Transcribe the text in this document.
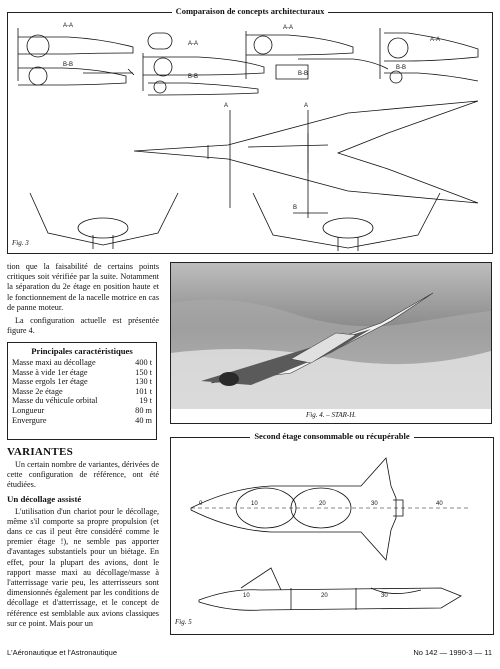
Comparaison de concepts architecturaux
A-A
B-B
A-A
B-B
A-A
B-B
A-A
B-B
A	A
B
Fig. 3

tion que la faisabilité de certains points critiques soit vérifiée par la suite. Notamment la séparation du 2e étage en position haute et le fonctionnement de la nacelle motrice en cas de panne moteur.

La configuration actuelle est présentée figure 4.

Principales caractéristiques
Masse maxi au décollage	400 t
Masse à vide 1er étage	150 t
Masse ergols 1er étage	130 t
Masse 2e étage	101 t
Masse du véhicule orbital	19 t
Longueur	80 m
Envergure	40 m
VARIANTES

Un certain nombre de variantes, dérivées de cette configuration de référence, ont été étudiées.

Un décollage assisté

L'utilisation d'un chariot pour le décollage, même s'il comporte sa propre propulsion (et dans ce cas il peut être considéré comme le premier étage !), ne semble pas apporter d'avantages substantiels pour un biétage. En effet, pour la plupart des avions, dont le rapport masse maxi au décollage/masse à l'atterrissage varie peu, les atterrisseurs sont dimensionnés également par les conditions de décollage et d'atterrissage, et le concept de référence est semblable aux avions classiques sur ce point. Mais pour un

Fig. 4. – STAR-H.
Second étage consommable ou récupérable
0	10	20	30	40
10	20	30
Fig. 5
L'Aéronautique et l'Astronautique	No 142 — 1990-3 — 11
